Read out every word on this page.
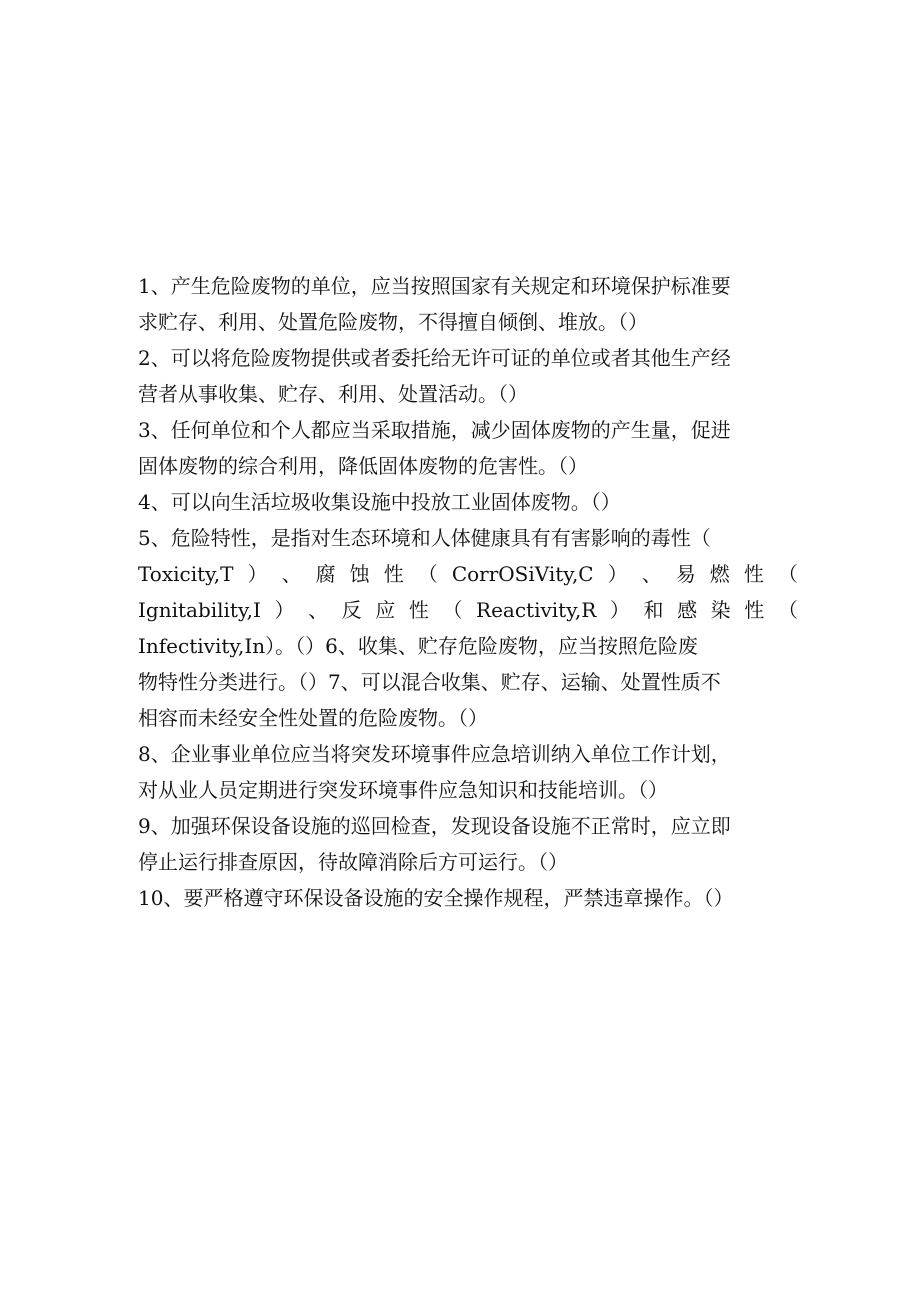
1、产生危险废物的单位，应当按照国家有关规定和环境保护标准要
求贮存、利用、处置危险废物，不得擅自倾倒、堆放。（）
2、可以将危险废物提供或者委托给无许可证的单位或者其他生产经
营者从事收集、贮存、利用、处置活动。（）
3、任何单位和个人都应当采取措施，减少固体废物的产生量，促进
固体废物的综合利用，降低固体废物的危害性。（）
4、可以向生活垃圾收集设施中投放工业固体废物。（）
5、危险特性，是指对生态环境和人体健康具有有害影响的毒性（
Toxicity,T ） 、 腐 蚀 性 （ CorrOSiVity,C ） 、 易 燃 性 （
Ignitability,I ） 、 反 应 性 （ Reactivity,R ） 和 感 染 性 （
Infectivity,In）。（）6、收集、贮存危险废物，应当按照危险废
物特性分类进行。（）7、可以混合收集、贮存、运输、处置性质不
相容而未经安全性处置的危险废物。（）
8、企业事业单位应当将突发环境事件应急培训纳入单位工作计划，
对从业人员定期进行突发环境事件应急知识和技能培训。（）
9、加强环保设备设施的巡回检查，发现设备设施不正常时，应立即
停止运行排查原因，待故障消除后方可运行。（）
10、要严格遵守环保设备设施的安全操作规程，严禁违章操作。（）
